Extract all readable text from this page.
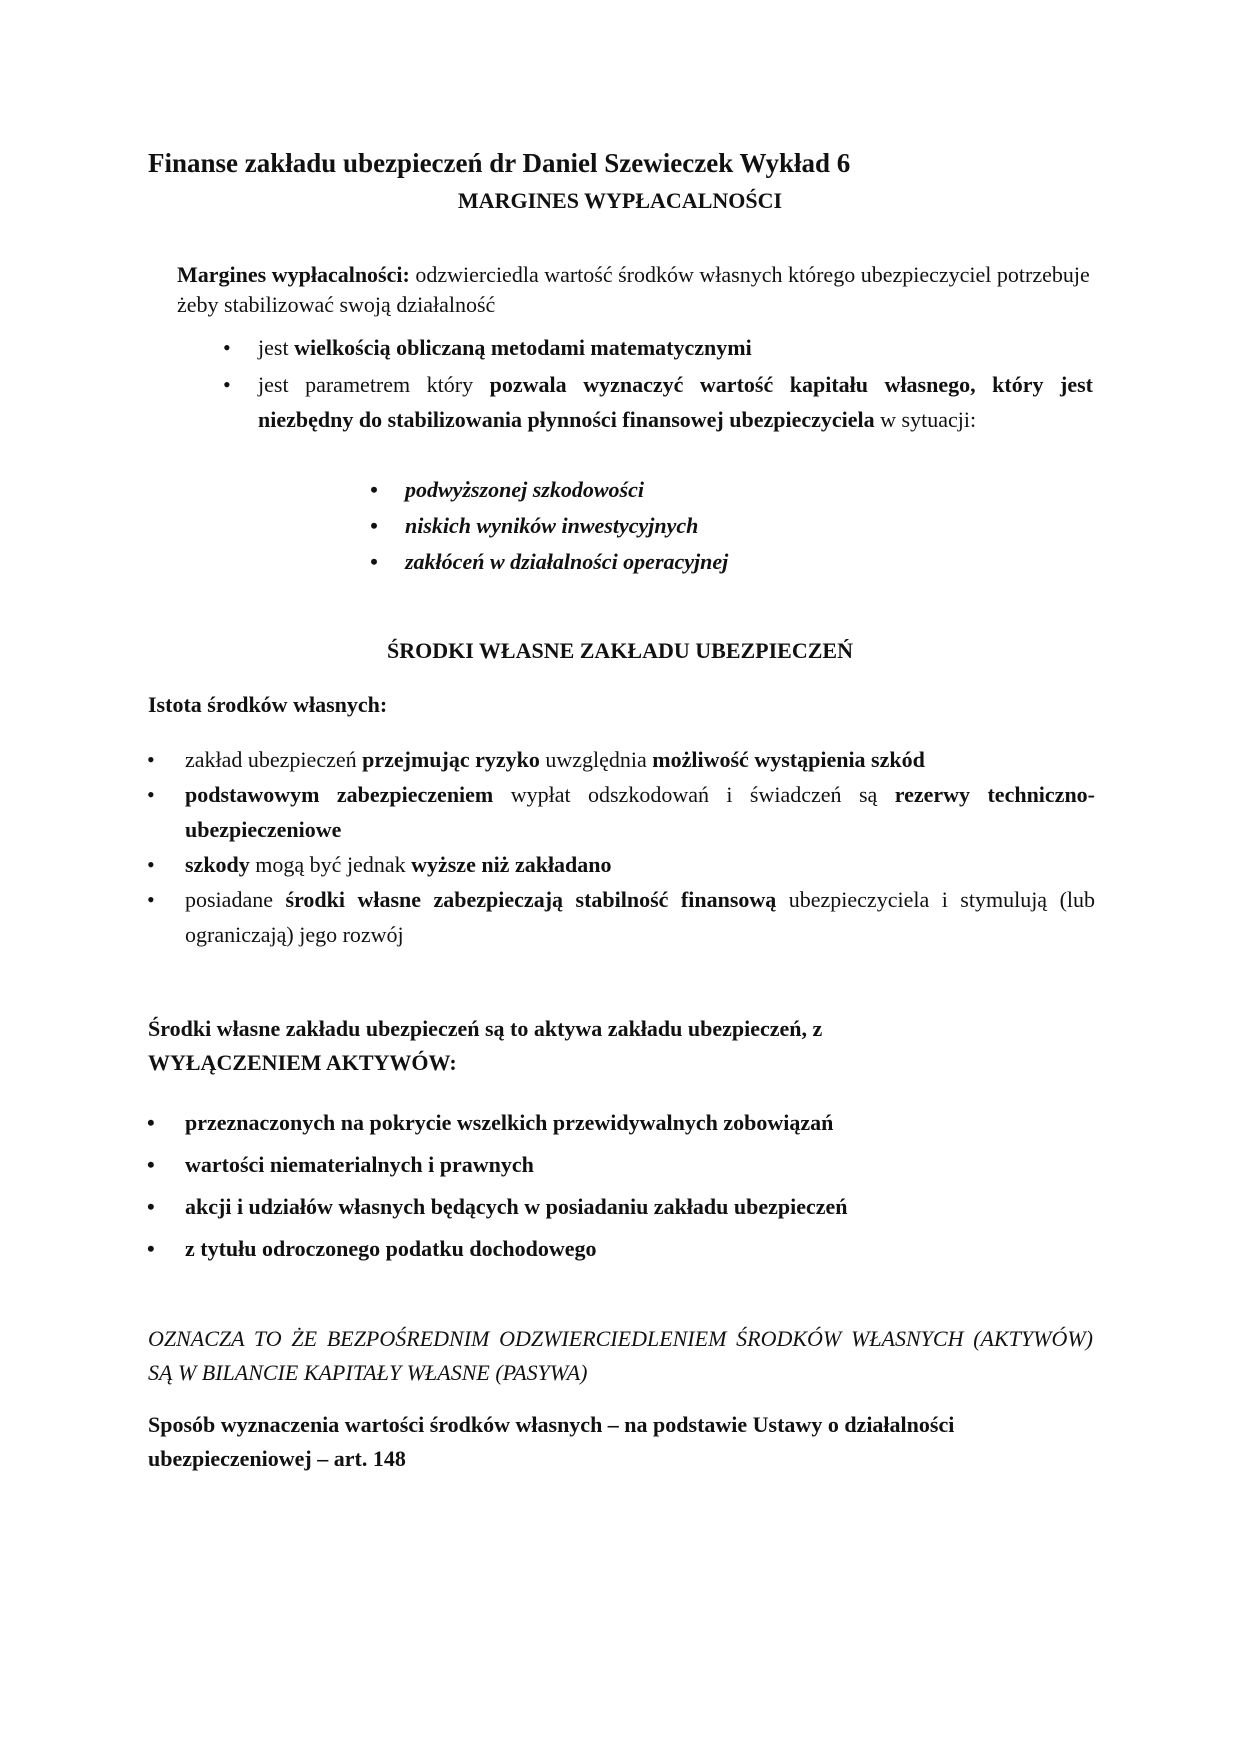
Finanse zakładu ubezpieczeń dr Daniel Szewieczek Wykład 6
MARGINES WYPŁACALNOŚCI

Margines wypłacalności: odzwierciedla wartość środków własnych którego ubezpieczyciel potrzebuje żeby stabilizować swoją działalność

• jest wielkością obliczaną metodami matematycznymi
• jest parametrem który pozwala wyznaczyć wartość kapitału własnego, który jest niezbędny do stabilizowania płynności finansowej ubezpieczyciela w sytuacji:
• podwyższonej szkodowości
• niskich wyników inwestycyjnych
• zakłóceń w działalności operacyjnej
ŚRODKI WŁASNE ZAKŁADU UBEZPIECZEŃ

Istota środków własnych:

• zakład ubezpieczeń przejmując ryzyko uwzględnia możliwość wystąpienia szkód
• podstawowym zabezpieczeniem wypłat odszkodowań i świadczeń są rezerwy techniczno-ubezpieczeniowe
• szkody mogą być jednak wyższe niż zakładano
• posiadane środki własne zabezpieczają stabilność finansową ubezpieczyciela i stymulują (lub ograniczają) jego rozwój

Środki własne zakładu ubezpieczeń są to aktywa zakładu ubezpieczeń, z
WYŁĄCZENIEM AKTYWÓW:

• przeznaczonych na pokrycie wszelkich przewidywalnych zobowiązań
• wartości niematerialnych i prawnych
• akcji i udziałów własnych będących w posiadaniu zakładu ubezpieczeń
• z tytułu odroczonego podatku dochodowego

OZNACZA TO ŻE BEZPOŚREDNIM ODZWIERCIEDLENIEM ŚRODKÓW WŁASNYCH (AKTYWÓW) SĄ W BILANCIE KAPITAŁY WŁASNE (PASYWA)

Sposób wyznaczenia wartości środków własnych – na podstawie Ustawy o działalności ubezpieczeniowej – art. 148
